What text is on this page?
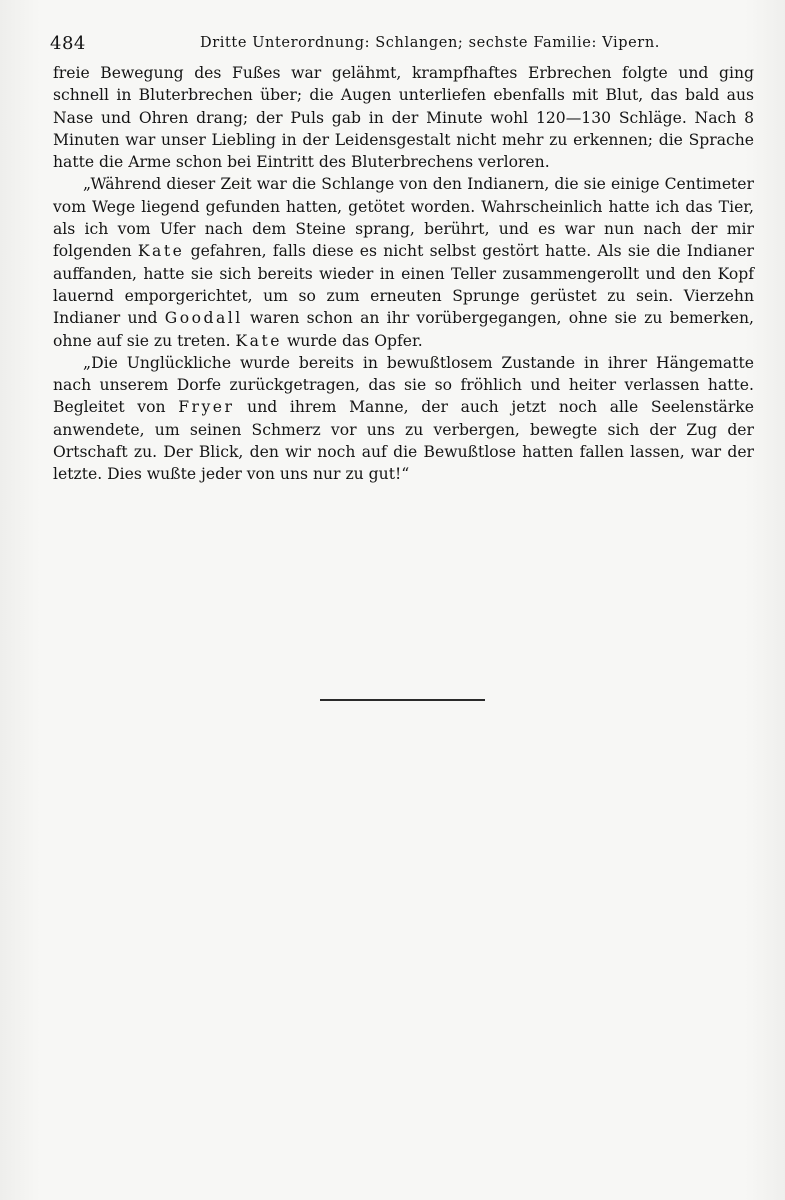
484	Dritte Unterordnung: Schlangen; sechste Familie: Vipern.

freie Bewegung des Fußes war gelähmt, krampfhaftes Erbrechen folgte und ging schnell in Bluterbrechen über; die Augen unterliefen ebenfalls mit Blut, das bald aus Nase und Ohren drang; der Puls gab in der Minute wohl 120—130 Schläge. Nach 8 Minuten war unser Liebling in der Leidensgestalt nicht mehr zu erkennen; die Sprache hatte die Arme schon bei Eintritt des Bluterbrechens verloren.

„Während dieser Zeit war die Schlange von den Indianern, die sie einige Centimeter vom Wege liegend gefunden hatten, getötet worden. Wahrscheinlich hatte ich das Tier, als ich vom Ufer nach dem Steine sprang, berührt, und es war nun nach der mir folgenden Kate gefahren, falls diese es nicht selbst gestört hatte. Als sie die Indianer auffanden, hatte sie sich bereits wieder in einen Teller zusammengerollt und den Kopf lauernd emporgerichtet, um so zum erneuten Sprunge gerüstet zu sein. Vierzehn Indianer und Goodall waren schon an ihr vorübergegangen, ohne sie zu bemerken, ohne auf sie zu treten. Kate wurde das Opfer.

„Die Unglückliche wurde bereits in bewußtlosem Zustande in ihrer Hängematte nach unserem Dorfe zurückgetragen, das sie so fröhlich und heiter verlassen hatte. Begleitet von Fryer und ihrem Manne, der auch jetzt noch alle Seelenstärke anwendete, um seinen Schmerz vor uns zu verbergen, bewegte sich der Zug der Ortschaft zu. Der Blick, den wir noch auf die Bewußtlose hatten fallen lassen, war der letzte. Dies wußte jeder von uns nur zu gut!“
